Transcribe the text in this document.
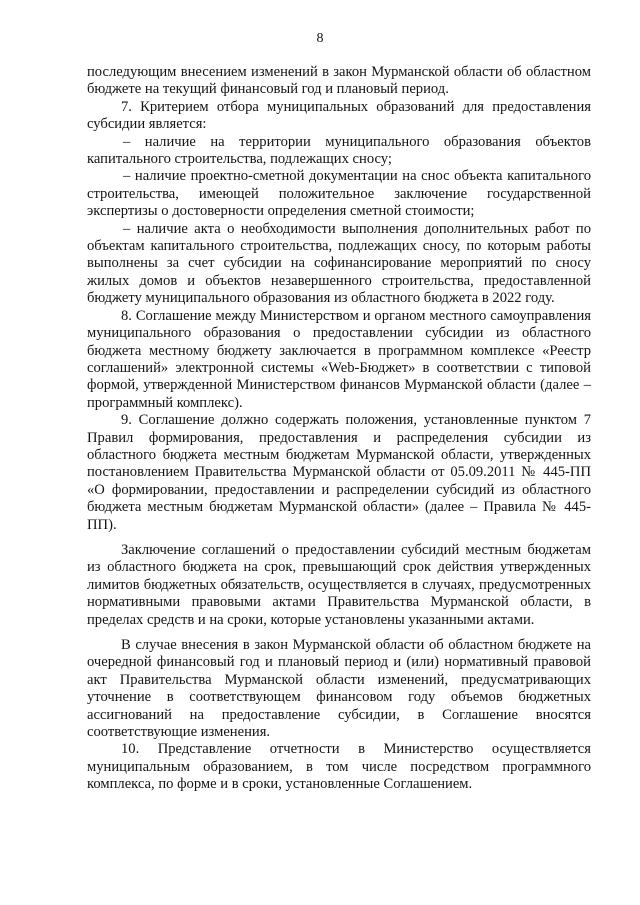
8

последующим внесением изменений в закон Мурманской области об областном бюджете на текущий финансовый год и плановый период.

7. Критерием отбора муниципальных образований для предоставления субсидии является:

– наличие на территории муниципального образования объектов капитального строительства, подлежащих сносу;

– наличие проектно-сметной документации на снос объекта капитального строительства, имеющей положительное заключение государственной экспертизы о достоверности определения сметной стоимости;

– наличие акта о необходимости выполнения дополнительных работ по объектам капитального строительства, подлежащих сносу, по которым работы выполнены за счет субсидии на софинансирование мероприятий по сносу жилых домов и объектов незавершенного строительства, предоставленной бюджету муниципального образования из областного бюджета в 2022 году.

8. Соглашение между Министерством и органом местного самоуправления муниципального образования о предоставлении субсидии из областного бюджета местному бюджету заключается в программном комплексе «Реестр соглашений» электронной системы «Web-Бюджет» в соответствии с типовой формой, утвержденной Министерством финансов Мурманской области (далее – программный комплекс).

9. Соглашение должно содержать положения, установленные пунктом 7 Правил формирования, предоставления и распределения субсидии из областного бюджета местным бюджетам Мурманской области, утвержденных постановлением Правительства Мурманской области от 05.09.2011 № 445-ПП «О формировании, предоставлении и распределении субсидий из областного бюджета местным бюджетам Мурманской области» (далее – Правила № 445-ПП).

Заключение соглашений о предоставлении субсидий местным бюджетам из областного бюджета на срок, превышающий срок действия утвержденных лимитов бюджетных обязательств, осуществляется в случаях, предусмотренных нормативными правовыми актами Правительства Мурманской области, в пределах средств и на сроки, которые установлены указанными актами.

В случае внесения в закон Мурманской области об областном бюджете на очередной финансовый год и плановый период и (или) нормативный правовой акт Правительства Мурманской области изменений, предусматривающих уточнение в соответствующем финансовом году объемов бюджетных ассигнований на предоставление субсидии, в Соглашение вносятся соответствующие изменения.

10. Представление отчетности в Министерство осуществляется муниципальным образованием, в том числе посредством программного комплекса, по форме и в сроки, установленные Соглашением.
